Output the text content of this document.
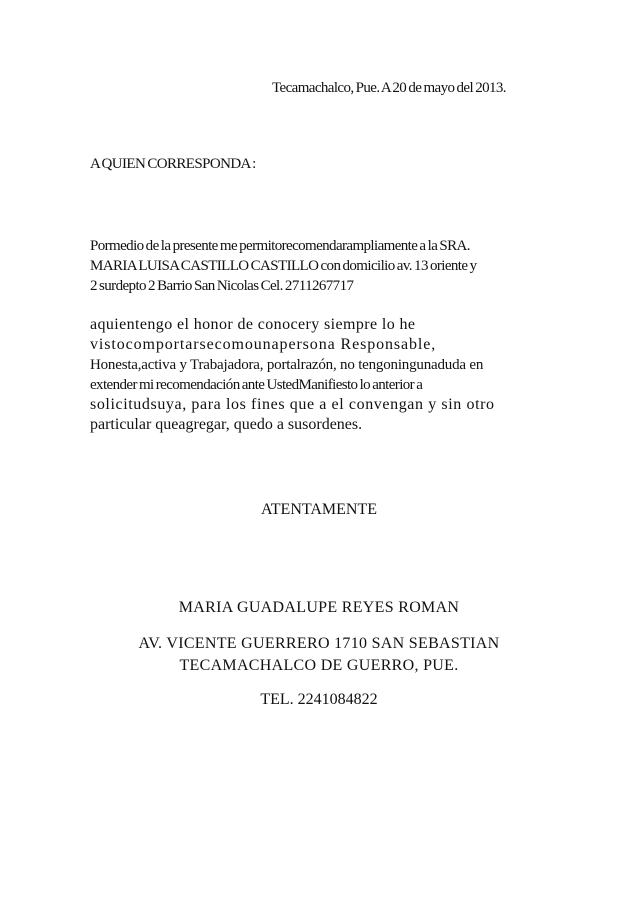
Tecamachalco, Pue. A 20 de mayo del 2013.
A QUIEN CORRESPONDA :
Pormedio de la presente me permitorecomendarampliamente a la SRA.
MARIA LUISA CASTILLO CASTILLO con domicilio av. 13 oriente y
2 surdepto 2 Barrio San Nicolas Cel. 2711267717
aquientengo el honor de conocery siempre lo he
vistocomportarsecomounapersona Responsable,
Honesta,activa y Trabajadora, portalrazón, no tengoningunaduda en
extender mi recomendación ante UstedManifiesto lo anterior a
solicitudsuya, para los fines que a el convengan y sin otro
particular queagregar, quedo a susordenes.
ATENTAMENTE
MARIA GUADALUPE REYES ROMAN
AV. VICENTE GUERRERO 1710 SAN SEBASTIAN
TECAMACHALCO DE GUERRO, PUE.
TEL. 2241084822
